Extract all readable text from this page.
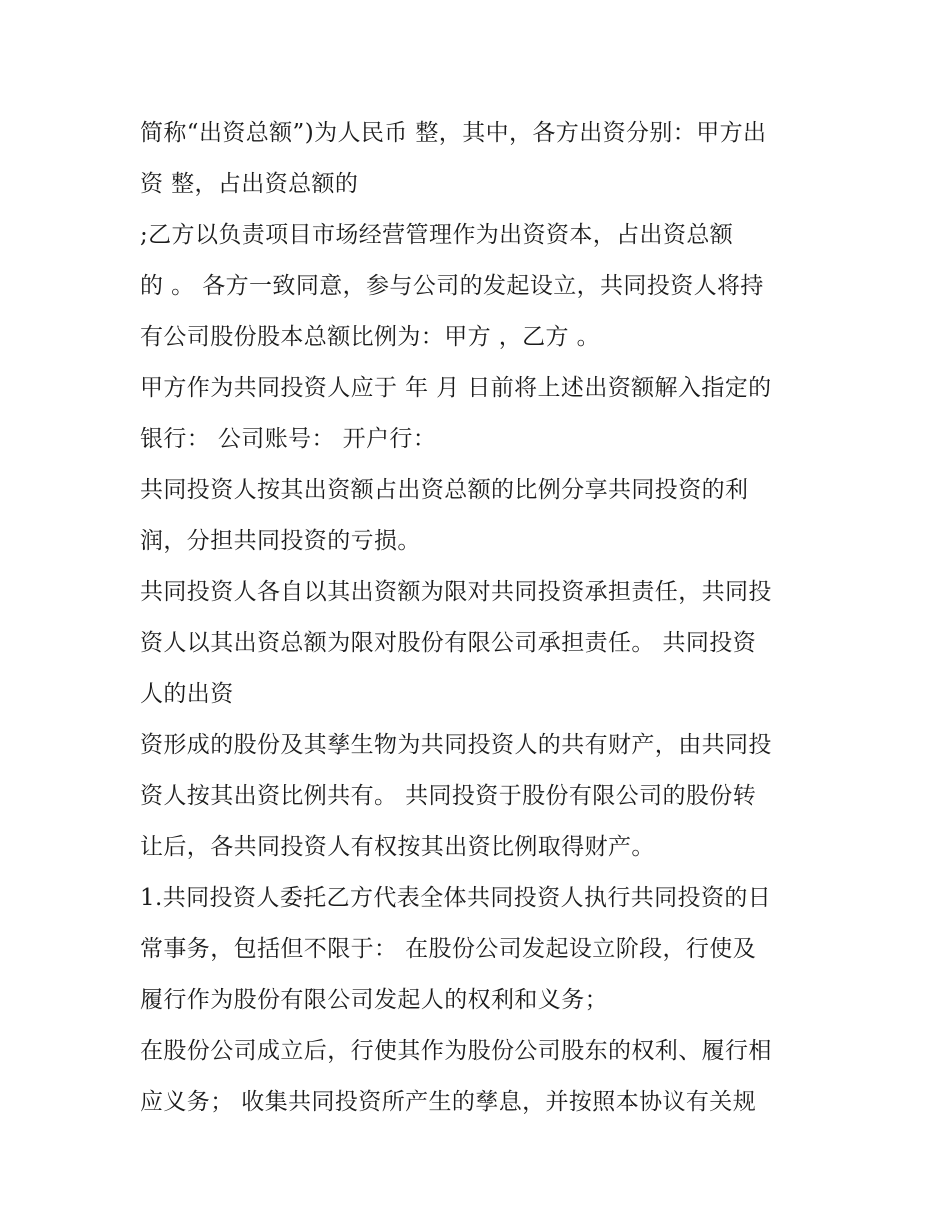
简称“出资总额”)为人民币 整，其中，各方出资分别：甲方出
资 整，占出资总额的
;乙方以负责项目市场经营管理作为出资资本，占出资总额
的 。 各方一致同意，参与公司的发起设立，共同投资人将持
有公司股份股本总额比例为：甲方 ，乙方 。
甲方作为共同投资人应于 年 月 日前将上述出资额解入指定的
银行： 公司账号： 开户行：
共同投资人按其出资额占出资总额的比例分享共同投资的利
润，分担共同投资的亏损。
共同投资人各自以其出资额为限对共同投资承担责任，共同投
资人以其出资总额为限对股份有限公司承担责任。 共同投资
人的出资
资形成的股份及其孳生物为共同投资人的共有财产，由共同投
资人按其出资比例共有。 共同投资于股份有限公司的股份转
让后，各共同投资人有权按其出资比例取得财产。
1.共同投资人委托乙方代表全体共同投资人执行共同投资的日
常事务，包括但不限于： 在股份公司发起设立阶段，行使及
履行作为股份有限公司发起人的权利和义务；
在股份公司成立后，行使其作为股份公司股东的权利、履行相
应义务； 收集共同投资所产生的孳息，并按照本协议有关规
